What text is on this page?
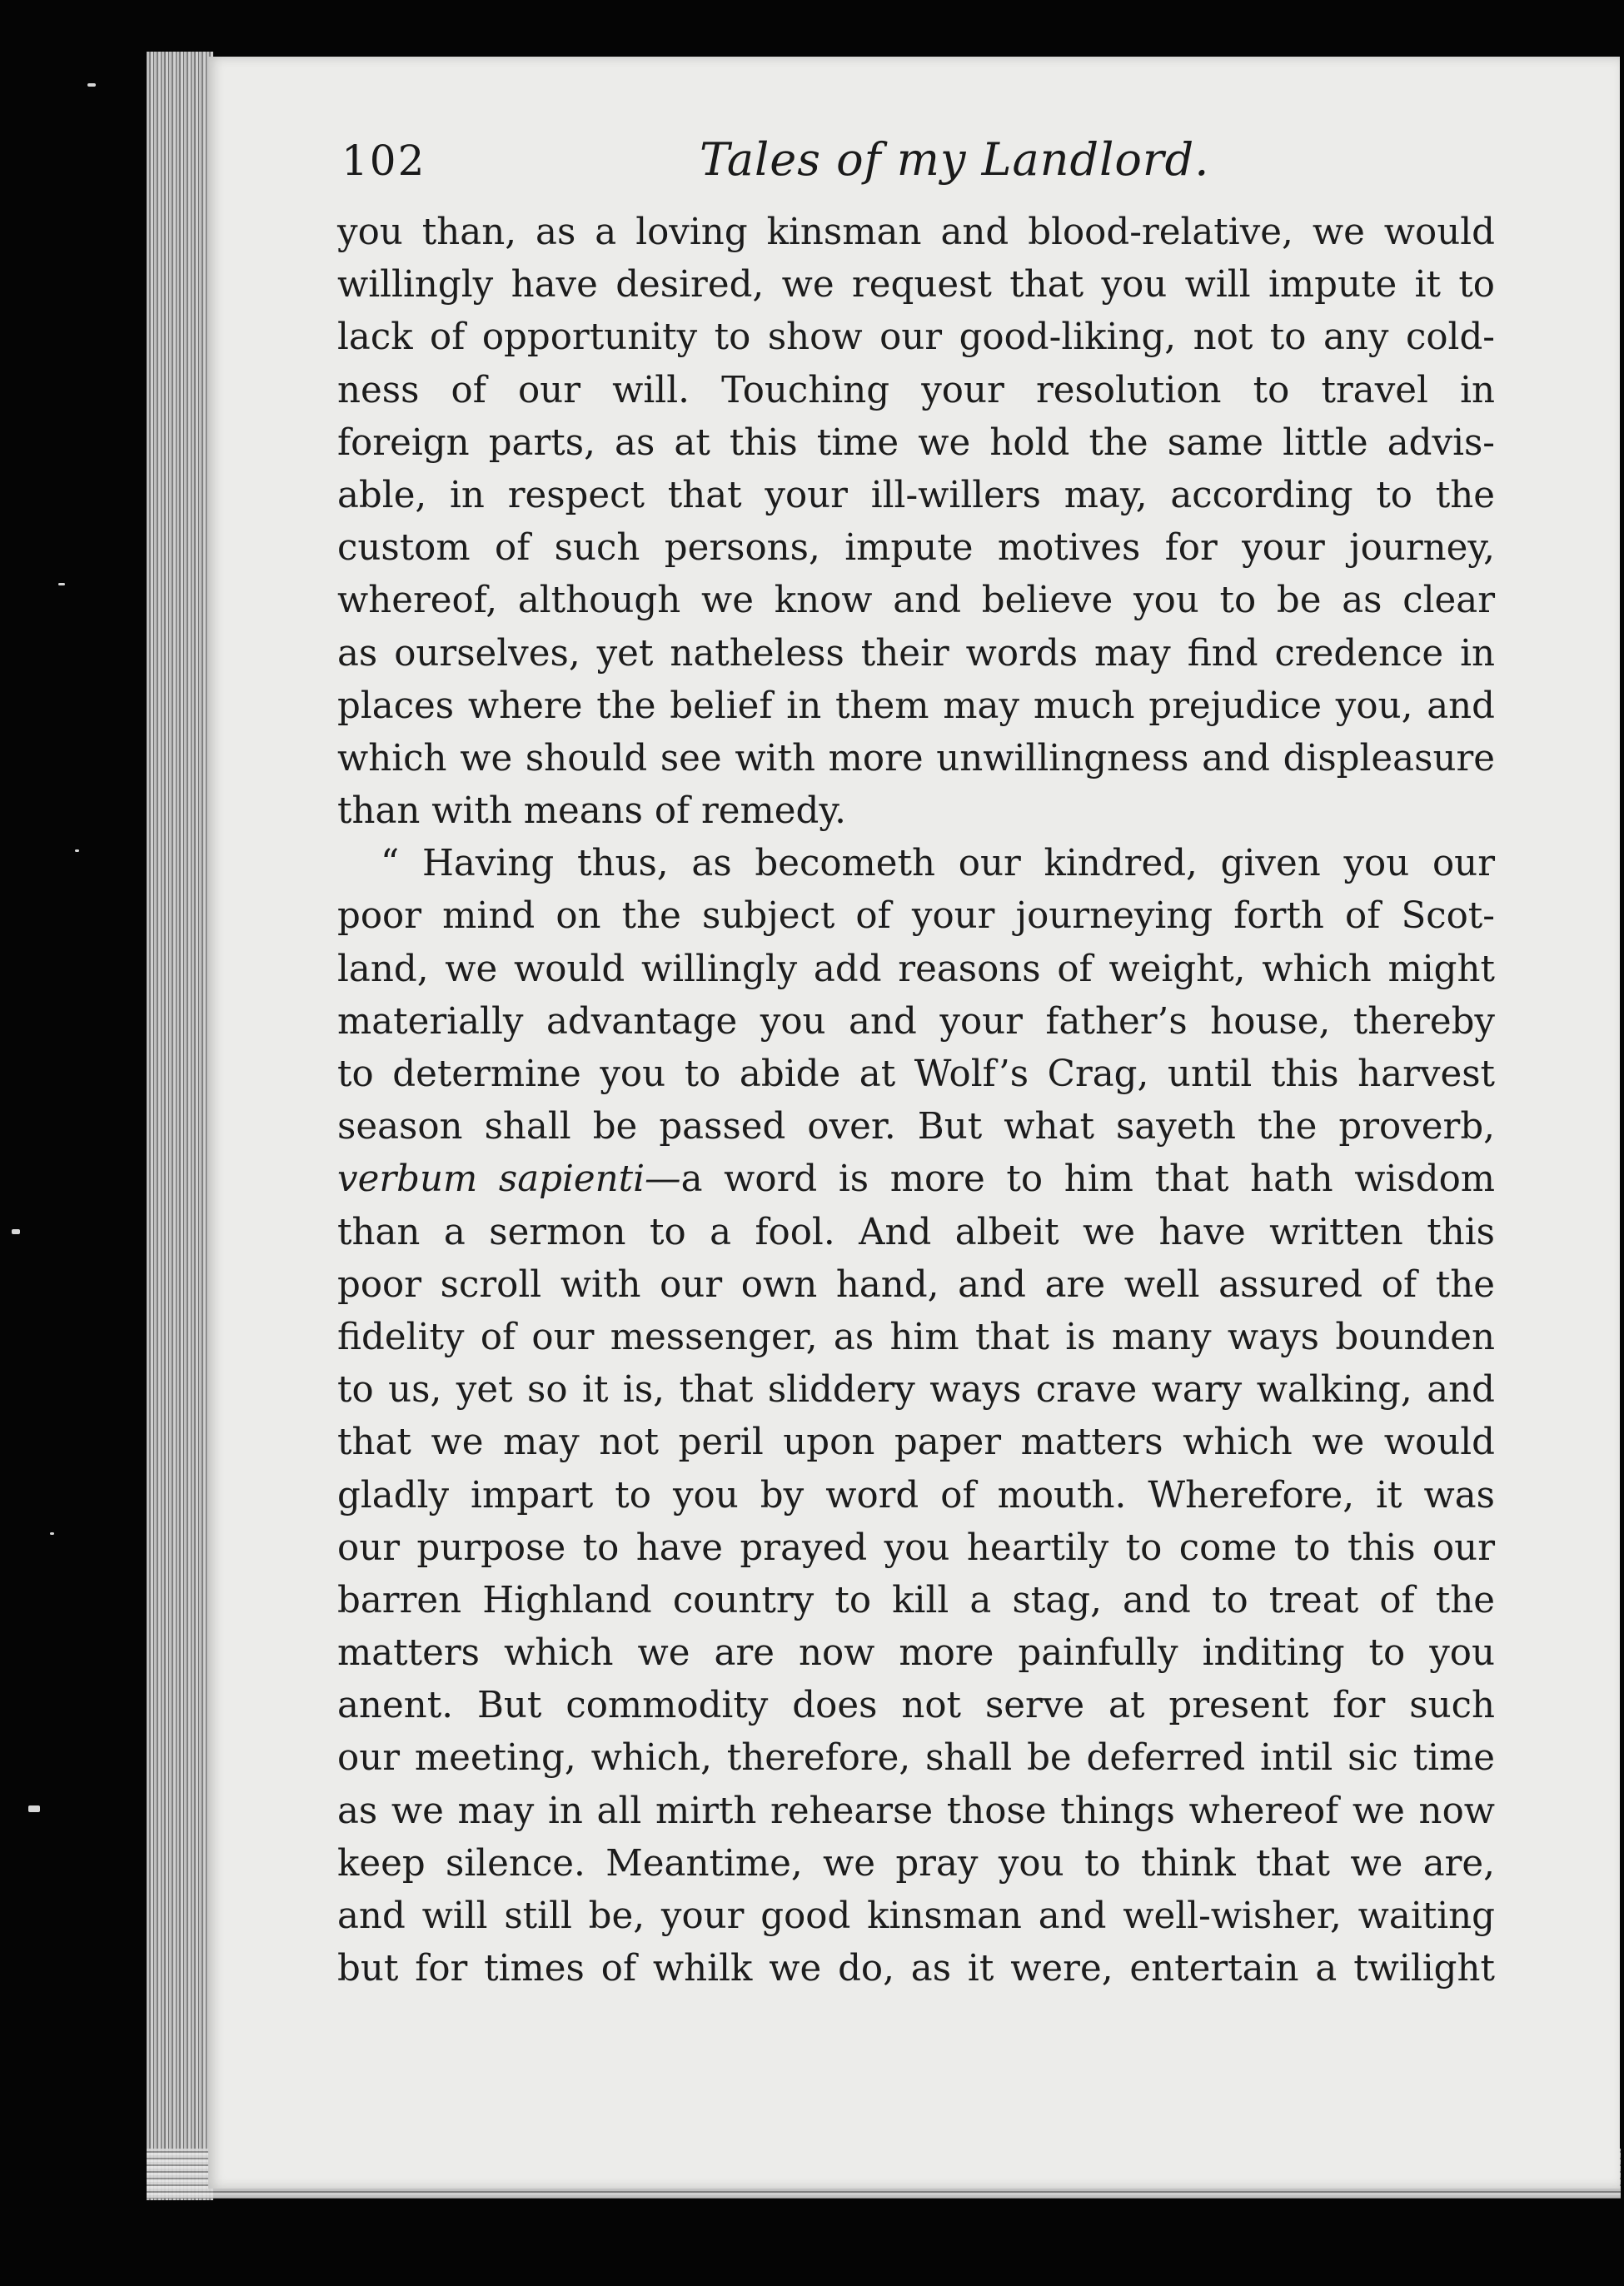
102	Tales of my Landlord.
you than, as a loving kinsman and blood-relative, we would
willingly have desired, we request that you will impute it to
lack of opportunity to show our good-liking, not to any cold-
ness of our will. Touching your resolution to travel in
foreign parts, as at this time we hold the same little advis-
able, in respect that your ill-willers may, according to the
custom of such persons, impute motives for your journey,
whereof, although we know and believe you to be as clear
as ourselves, yet natheless their words may find credence in
places where the belief in them may much prejudice you, and
which we should see with more unwillingness and displeasure
than with means of remedy.
“ Having thus, as becometh our kindred, given you our
poor mind on the subject of your journeying forth of Scot-
land, we would willingly add reasons of weight, which might
materially advantage you and your father’s house, thereby
to determine you to abide at Wolf’s Crag, until this harvest
season shall be passed over. But what sayeth the proverb,
verbum sapienti—a word is more to him that hath wisdom
than a sermon to a fool. And albeit we have written this
poor scroll with our own hand, and are well assured of the
fidelity of our messenger, as him that is many ways bounden
to us, yet so it is, that sliddery ways crave wary walking, and
that we may not peril upon paper matters which we would
gladly impart to you by word of mouth. Wherefore, it was
our purpose to have prayed you heartily to come to this our
barren Highland country to kill a stag, and to treat of the
matters which we are now more painfully inditing to you
anent. But commodity does not serve at present for such
our meeting, which, therefore, shall be deferred intil sic time
as we may in all mirth rehearse those things whereof we now
keep silence. Meantime, we pray you to think that we are,
and will still be, your good kinsman and well-wisher, waiting
but for times of whilk we do, as it were, entertain a twilight
